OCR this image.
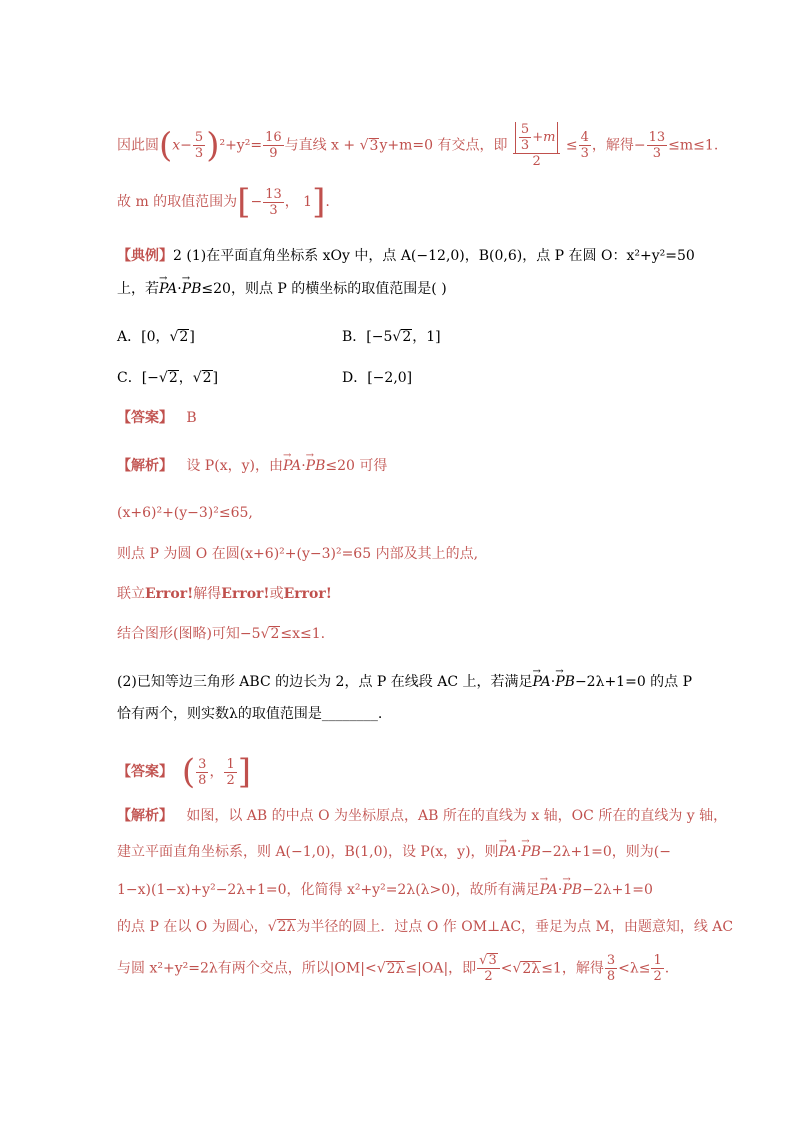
因此圆$(x- \frac{5}{3} )^2+y^2= \frac{16}{9}$ 与直线 x + √3y+m=0 有交点，即 $\frac{\frac{5}{3} +m}{2} \le \frac{4}{3}$ ，解得− $\frac{13}{3} \le m\le 1$.
故 m 的取值范围为[− $\frac{13}{3}$ ， 1].
【典例】2 (1)在平面直角坐标系 xOy 中，点 A(−12,0)，B(0,6)，点 P 在圆 O：x²+y²=50
上，若→ PA·→ PB≤20，则点 P 的横坐标的取值范围是( )
A．[0，√2]	B．[−5√2，1]
C．[−√2，√2]	D．[−2,0]
【答案】 B
【解析】 设 P(x，y)，由→ PA·→ PB≤20 可得
(x+6)²+(y−3)²≤65,
则点 P 为圆 O 在圆(x+6)²+(y−3)²=65 内部及其上的点,
联立Error!解得Error!或Error!
结合图形(图略)可知−5√2≤x≤1.
(2)已知等边三角形 ABC 的边长为 2，点 P 在线段 AC 上，若满足→ PA·→ PB−2λ+1=0 的点 P
恰有两个，则实数λ的取值范围是________.
【答案】 ( $\frac{3}{8}$ ， $\frac{1}{2}$ ]
【解析】 如图，以 AB 的中点 O 为坐标原点，AB 所在的直线为 x 轴，OC 所在的直线为 y 轴，
建立平面直角坐标系，则 A(−1,0)，B(1,0)，设 P(x，y)，则→ PA·→ PB−2λ+1=0，则为(−
1−x)(1−x)+y²−2λ+1=0，化简得 x²+y²=2λ(λ>0)，故所有满足→ PA·→ PB−2λ+1=0
的点 P 在以 O 为圆心，√2λ为半径的圆上．过点 O 作 OM⊥AC，垂足为点 M，由题意知，线 AC
与圆 x²+y²=2λ有两个交点，所以|OM|<√2λ≤|OA|，即 $\frac{√3}{2} <√2\lambda\le 1$，解得 $\frac{3}{8} <\lambda\le \frac{1}{2}$ .
